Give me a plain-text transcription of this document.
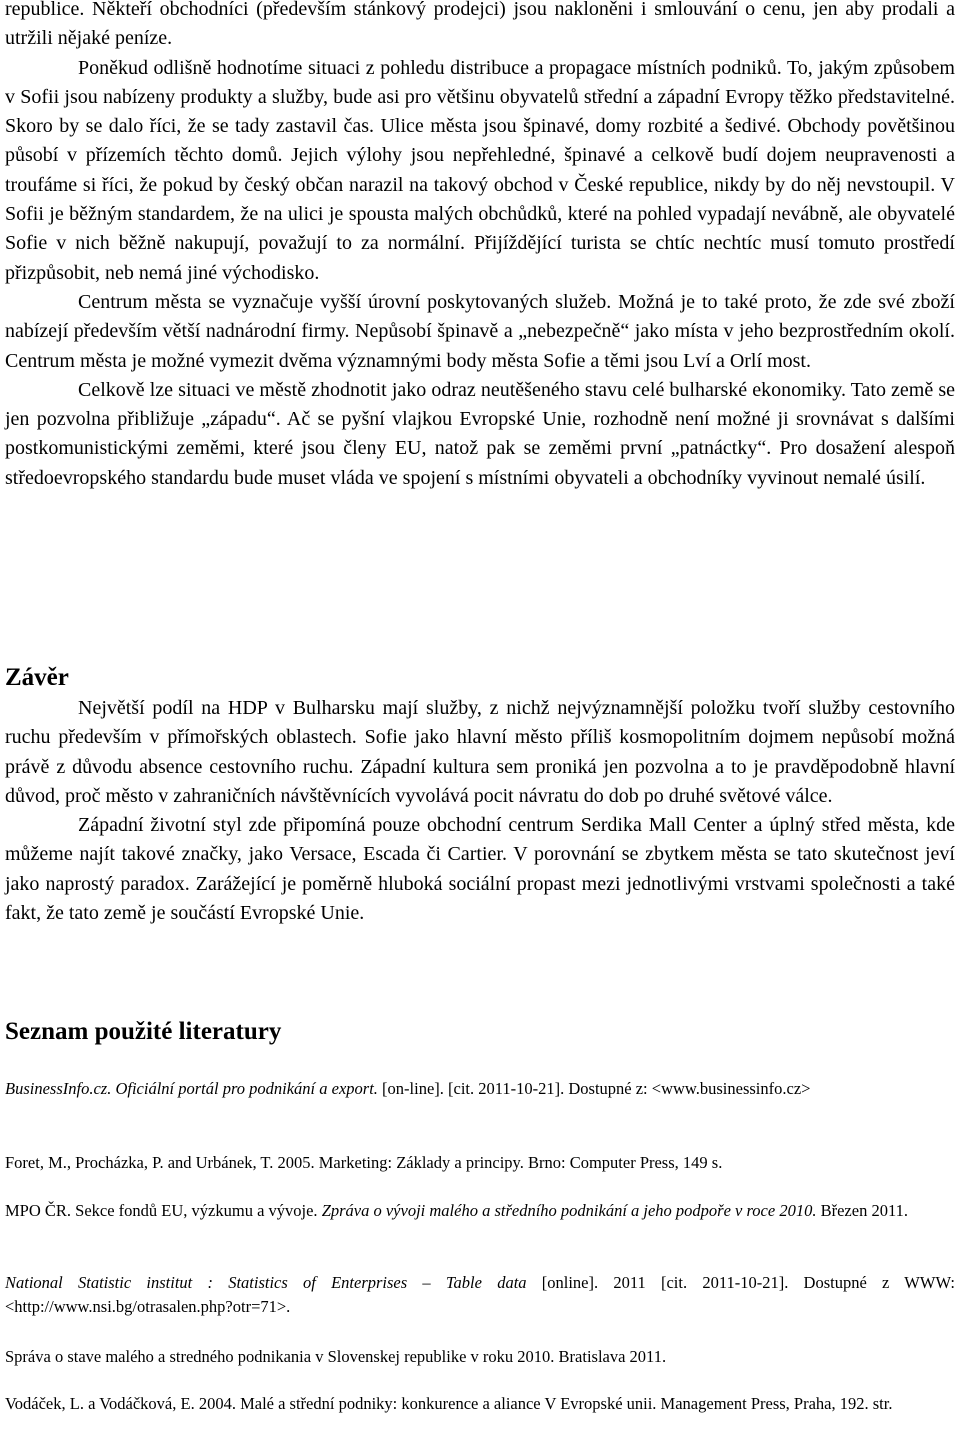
republice. Někteří obchodníci (především stánkový prodejci) jsou nakloněni i smlouvání o cenu, jen aby prodali a utržili nějaké peníze.

Poněkud odlišně hodnotíme situaci z pohledu distribuce a propagace místních podniků. To, jakým způsobem v Sofii jsou nabízeny produkty a služby, bude asi pro většinu obyvatelů střední a západní Evropy těžko představitelné. Skoro by se dalo říci, že se tady zastavil čas. Ulice města jsou špinavé, domy rozbité a šedivé. Obchody povětšinou působí v přízemích těchto domů. Jejich výlohy jsou nepřehledné, špinavé a celkově budí dojem neupravenosti a troufáme si říci, že pokud by český občan narazil na takový obchod v České republice, nikdy by do něj nevstoupil. V Sofii je běžným standardem, že na ulici je spousta malých obchůdků, které na pohled vypadají nevábně, ale obyvatelé Sofie v nich běžně nakupují, považují to za normální. Přijíždějící turista se chtíc nechtíc musí tomuto prostředí přizpůsobit, neb nemá jiné východisko.

Centrum města se vyznačuje vyšší úrovní poskytovaných služeb. Možná je to také proto, že zde své zboží nabízejí především větší nadnárodní firmy. Nepůsobí špinavě a „nebezpečně“ jako místa v jeho bezprostředním okolí. Centrum města je možné vymezit dvěma významnými body města Sofie a těmi jsou Lví a Orlí most.

Celkově lze situaci ve městě zhodnotit jako odraz neutěšeného stavu celé bulharské ekonomiky. Tato země se jen pozvolna přibližuje „západu“. Ač se pyšní vlajkou Evropské Unie, rozhodně není možné ji srovnávat s dalšími postkomunistickými zeměmi, které jsou členy EU, natož pak se zeměmi první „patnáctky“. Pro dosažení alespoň středoevropského standardu bude muset vláda ve spojení s místními obyvateli a obchodníky vyvinout nemalé úsilí.

Závěr

Největší podíl na HDP v Bulharsku mají služby, z nichž nejvýznamnější položku tvoří služby cestovního ruchu především v přímořských oblastech. Sofie jako hlavní město příliš kosmopolitním dojmem nepůsobí možná právě z důvodu absence cestovního ruchu. Západní kultura sem proniká jen pozvolna a to je pravděpodobně hlavní důvod, proč město v zahraničních návštěvnících vyvolává pocit návratu do dob po druhé světové válce.

Západní životní styl zde připomíná pouze obchodní centrum Serdika Mall Center a úplný střed města, kde můžeme najít takové značky, jako Versace, Escada či Cartier. V porovnání se zbytkem města se tato skutečnost jeví jako naprostý paradox. Zarážející je poměrně hluboká sociální propast mezi jednotlivými vrstvami společnosti a také fakt, že tato země je součástí Evropské Unie.

Seznam použité literatury

BusinessInfo.cz. Oficiální portál pro podnikání a export. [on-line]. [cit. 2011-10-21]. Dostupné z: <www.businessinfo.cz>

Foret, M., Procházka, P. and Urbánek, T. 2005. Marketing: Základy a principy. Brno: Computer Press, 149 s.

MPO ČR. Sekce fondů EU, výzkumu a vývoje. Zpráva o vývoji malého a středního podnikání a jeho podpoře v roce 2010. Březen 2011.

National Statistic institut : Statistics of Enterprises – Table data [online]. 2011 [cit. 2011-10-21]. Dostupné z WWW: <http://www.nsi.bg/otrasalen.php?otr=71>.

Správa o stave malého a stredného podnikania v Slovenskej republike v roku 2010. Bratislava 2011.

Vodáček, L. a Vodáčková, E. 2004. Malé a střední podniky: konkurence a aliance V Evropské unii. Management Press, Praha, 192. str.
